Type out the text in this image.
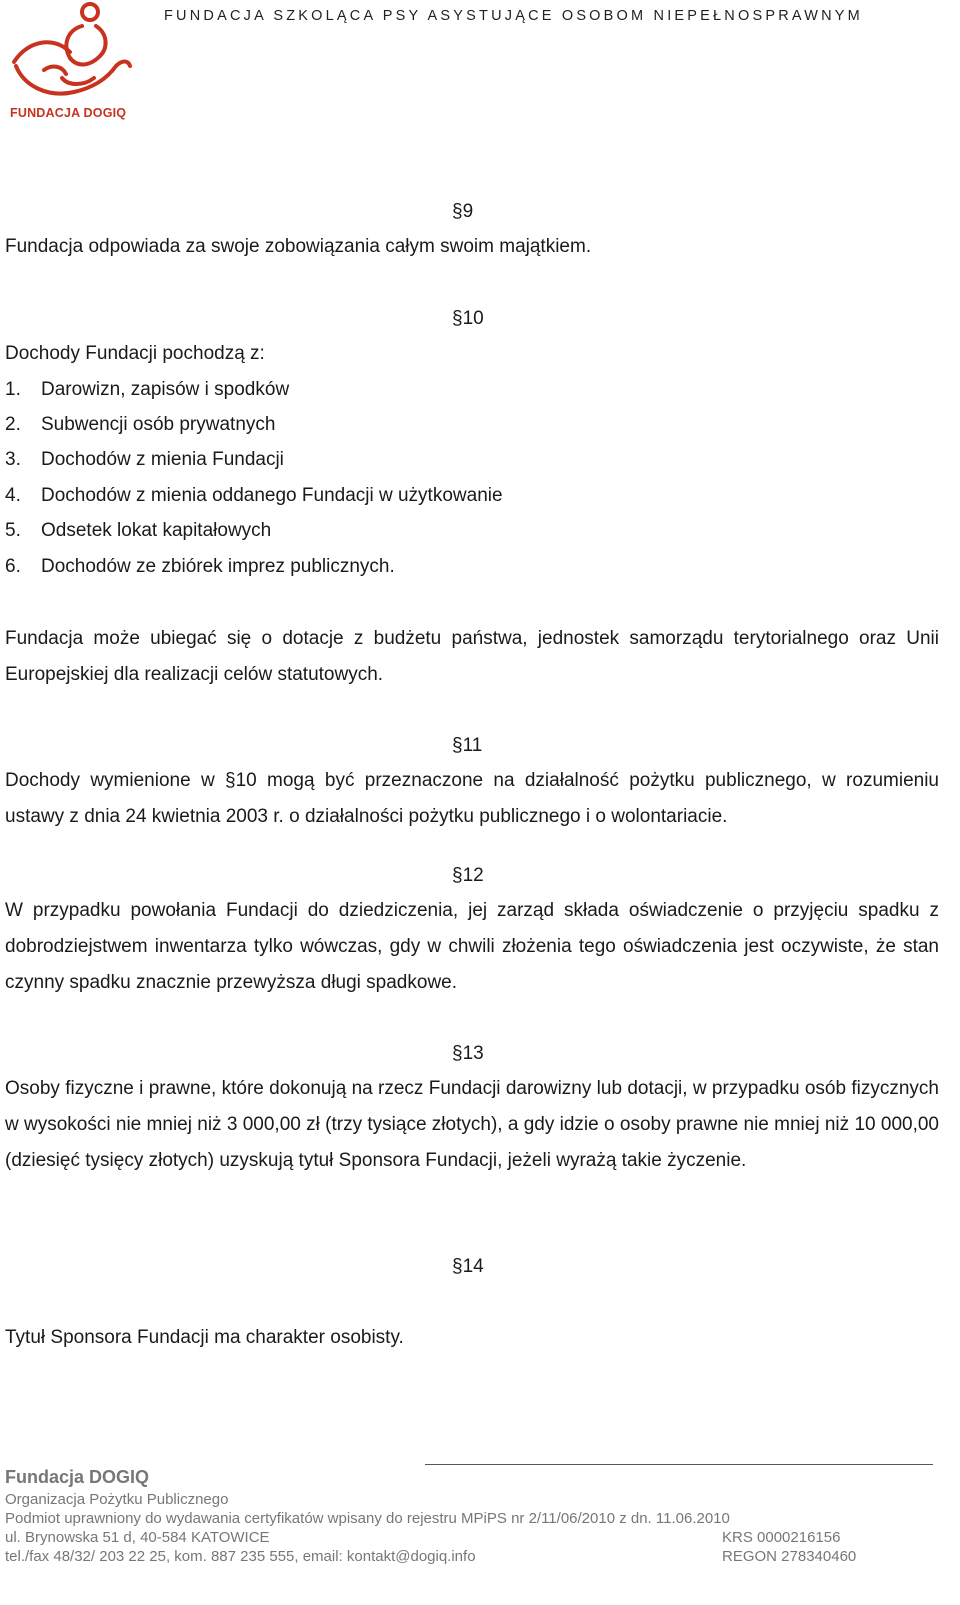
FUNDACJA DOGIQ
FUNDACJA SZKOLĄCA PSY ASYSTUJĄCE OSOBOM NIEPEŁNOSPRAWNYM
§9
Fundacja odpowiada za swoje zobowiązania całym swoim majątkiem.
§10
Dochody Fundacji pochodzą z:
1. Darowizn, zapisów i spodków
2. Subwencji osób prywatnych
3. Dochodów z mienia Fundacji
4. Dochodów z mienia oddanego Fundacji w użytkowanie
5. Odsetek lokat kapitałowych
6. Dochodów ze zbiórek imprez publicznych.
Fundacja może ubiegać się o dotacje z budżetu państwa, jednostek samorządu terytorialnego oraz Unii Europejskiej dla realizacji celów statutowych.
§11
Dochody wymienione w §10 mogą być przeznaczone na działalność pożytku publicznego, w rozumieniu ustawy z dnia 24 kwietnia 2003 r. o działalności pożytku publicznego i o wolontariacie.
§12
W przypadku powołania Fundacji do dziedziczenia, jej zarząd składa oświadczenie o przyjęciu spadku z dobrodziejstwem inwentarza tylko wówczas, gdy w chwili złożenia tego oświadczenia jest oczywiste, że stan czynny spadku znacznie przewyższa długi spadkowe.
§13
Osoby fizyczne i prawne, które dokonują na rzecz Fundacji darowizny lub dotacji, w przypadku osób fizycznych w wysokości nie mniej niż 3 000,00 zł (trzy tysiące złotych), a gdy idzie o osoby prawne nie mniej niż 10 000,00 (dziesięć tysięcy złotych) uzyskują tytuł Sponsora Fundacji, jeżeli wyrażą takie życzenie.
§14
Tytuł Sponsora Fundacji ma charakter osobisty.
Fundacja DOGIQ
Organizacja Pożytku Publicznego
Podmiot uprawniony do wydawania certyfikatów wpisany do rejestru MPiPS nr 2/11/06/2010 z dn. 11.06.2010
ul. Brynowska 51 d, 40-584 KATOWICE	KRS 0000216156
tel./fax 48/32/ 203 22 25, kom. 887 235 555, email: kontakt@dogiq.info	REGON 278340460
